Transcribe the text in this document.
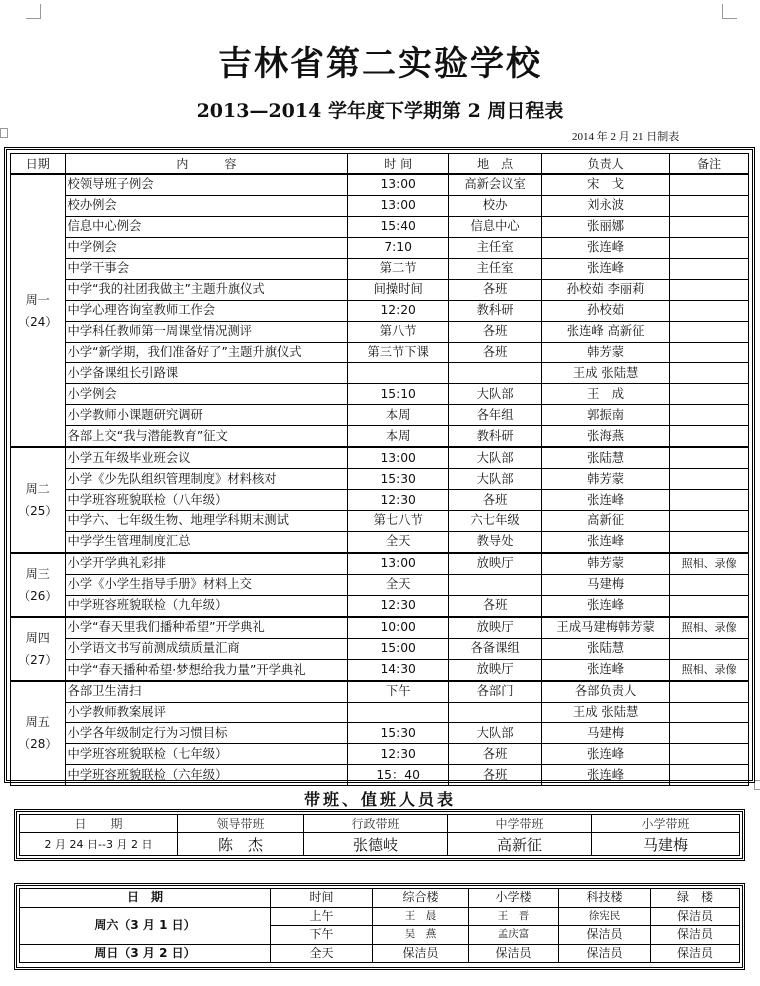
吉林省第二实验学校
2013—2014 学年度下学期第 2 周日程表
2014 年 2 月 21 日制表
日期	内　　　容	时 间	地　点	负责人	备注

周一
（24）	校领导班子例会	13:00	高新会议室	宋　戈	
	校办例会	13:00	校办	刘永波	
	信息中心例会	15:40	信息中心	张丽娜	
	中学例会	7:10	主任室	张连峰	
	中学干事会	第二节	主任室	张连峰	
	中学“我的社团我做主”主题升旗仪式	间操时间	各班	孙校茹 李丽莉	
	中学心理咨询室教师工作会	12:20	教科研	孙校茹	
	中学科任教师第一周课堂情况测评	第八节	各班	张连峰 高新征	
	小学“新学期，我们准备好了”主题升旗仪式	第三节下课	各班	韩芳蒙	
	小学备课组长引路课			王成 张陆慧	
	小学例会	15:10	大队部	王　成	
	小学教师小课题研究调研	本周	各年组	郭振南	
	各部上交“我与潜能教育”征文	本周	教科研	张海燕	

周二
（25）	小学五年级毕业班会议	13:00	大队部	张陆慧	
	小学《少先队组织管理制度》材料核对	15:30	大队部	韩芳蒙	
	中学班容班貌联检（八年级）	12:30	各班	张连峰	
	中学六、七年级生物、地理学科期末测试	第七八节	六七年级	高新征	
	中学学生管理制度汇总	全天	教导处	张连峰	

周三
（26）	小学开学典礼彩排	13:00	放映厅	韩芳蒙	照相、录像
	小学《小学生指导手册》材料上交	全天		马建梅	
	中学班容班貌联检（九年级）	12:30	各班	张连峰	

周四
（27）	小学“春天里我们播种希望”开学典礼	10:00	放映厅	王成马建梅韩芳蒙	照相、录像
	小学语文书写前测成绩质量汇商	15:00	各备课组	张陆慧	
	中学“春天播种希望·梦想给我力量”开学典礼	14:30	放映厅	张连峰	照相、录像

周五
（28）	各部卫生清扫	下午	各部门	各部负责人	
	小学教师教案展评			王成 张陆慧	
	小学各年级制定行为习惯目标	15:30	大队部	马建梅	
	中学班容班貌联检（七年级）	12:30	各班	张连峰	
	中学班容班貌联检（六年级）	15：40	各班	张连峰	
带班、值班人员表
日　　期	领导带班	行政带班	中学带班	小学带班
2 月 24 日--3 月 2 日	陈　杰	张德岐	高新征	马建梅
日　期	时间	综合楼	小学楼	科技楼	绿　楼
周六（3 月 1 日）	上午	王　晨	王　晋	徐宪民	保洁员
	下午	吴　燕	孟庆富	保洁员	保洁员
周日（3 月 2 日）	全天	保洁员	保洁员	保洁员	保洁员
